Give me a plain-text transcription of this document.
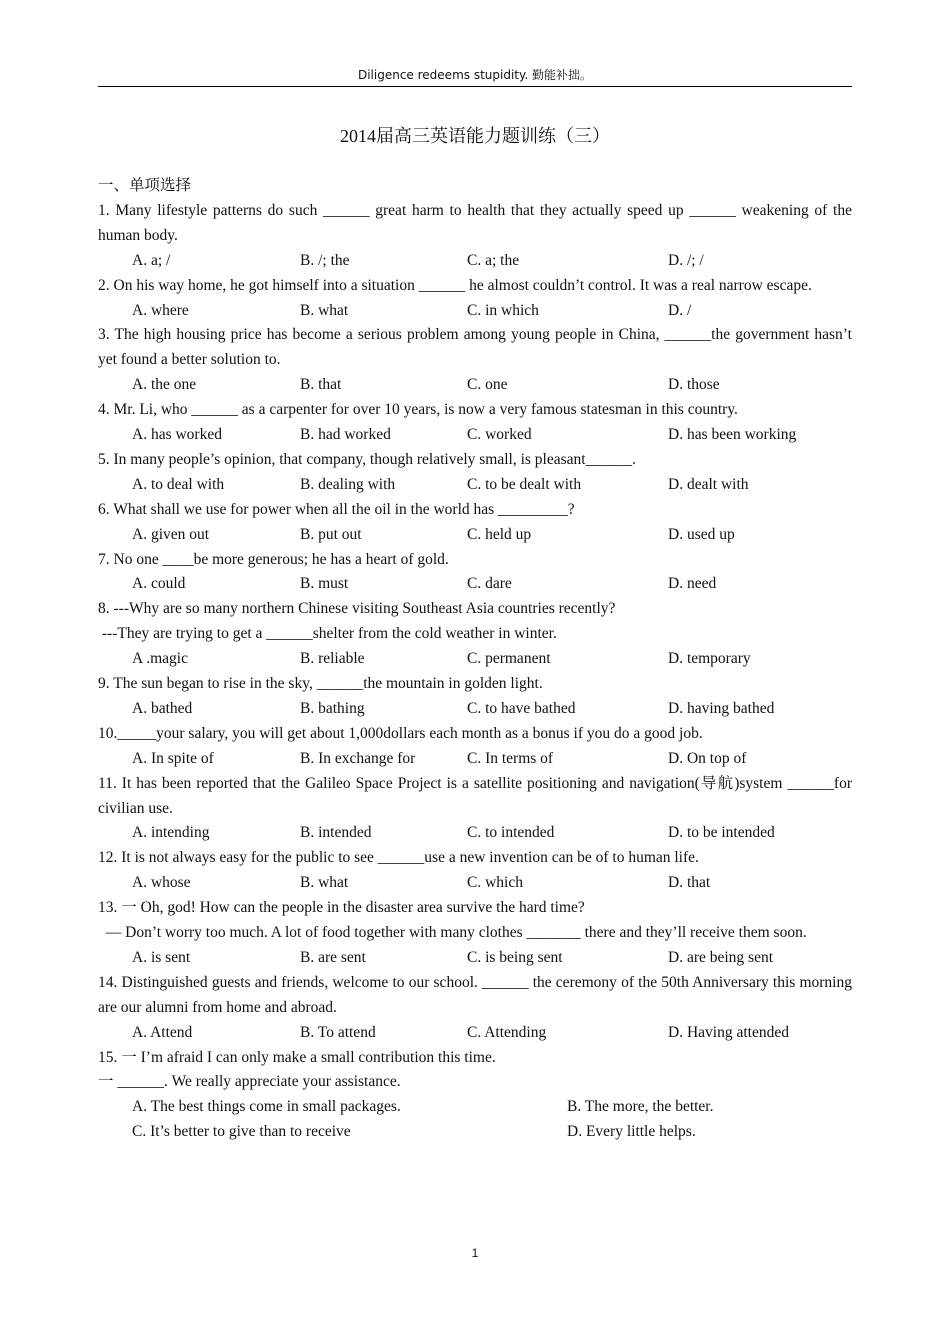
Diligence redeems stupidity. 勤能补拙。
2014届高三英语能力题训练（三）
一、单项选择

1. Many lifestyle patterns do such ______ great harm to health that they actually speed up ______ weakening of the human body.

A. a; /	B. /; the	C. a; the	D. /; /

2. On his way home, he got himself into a situation ______ he almost couldn’t control. It was a real narrow escape.

A. where	B. what	C. in which	D. /

3. The high housing price has become a serious problem among young people in China, ______the government hasn’t yet found a better solution to.

A. the one	B. that	C. one	D. those

4. Mr. Li, who ______ as a carpenter for over 10 years, is now a very famous statesman in this country.

A. has worked	B. had worked	C. worked	D. has been working

5. In many people’s opinion, that company, though relatively small, is pleasant______.

A. to deal with	B. dealing with	C. to be dealt with	D. dealt with

6. What shall we use for power when all the oil in the world has _________?

A. given out	B. put out	C. held up	D. used up

7. No one ____be more generous; he has a heart of gold.

A. could	B. must	C. dare	D. need

8. ---Why are so many northern Chinese visiting Southeast Asia countries recently?

---They are trying to get a ______shelter from the cold weather in winter.

A .magic	B. reliable	C. permanent	D. temporary

9. The sun began to rise in the sky, ______the mountain in golden light.

A. bathed	B. bathing	C. to have bathed	D. having bathed

10._____your salary, you will get about 1,000dollars each month as a bonus if you do a good job.

A. In spite of	B. In exchange for	C. In terms of	D. On top of

11. It has been reported that the Galileo Space Project is a satellite positioning and navigation(导航)system ______for civilian use.

A. intending	B. intended	C. to intended	D. to be intended

12. It is not always easy for the public to see ______use a new invention can be of to human life.

A. whose	B. what	C. which	D. that

13. 一 Oh, god! How can the people in the disaster area survive the hard time?

— Don’t worry too much. A lot of food together with many clothes _______ there and they’ll receive them soon.

A. is sent	B. are sent	C. is being sent	D. are being sent

14. Distinguished guests and friends, welcome to our school. ______ the ceremony of the 50th Anniversary this morning are our alumni from home and abroad.

A. Attend	B. To attend	C. Attending	D. Having attended

15. 一 I’m afraid I can only make a small contribution this time.

一 ______. We really appreciate your assistance.

A. The best things come in small packages.	B. The more, the better.
C. It’s better to give than to receive	D. Every little helps.
1
